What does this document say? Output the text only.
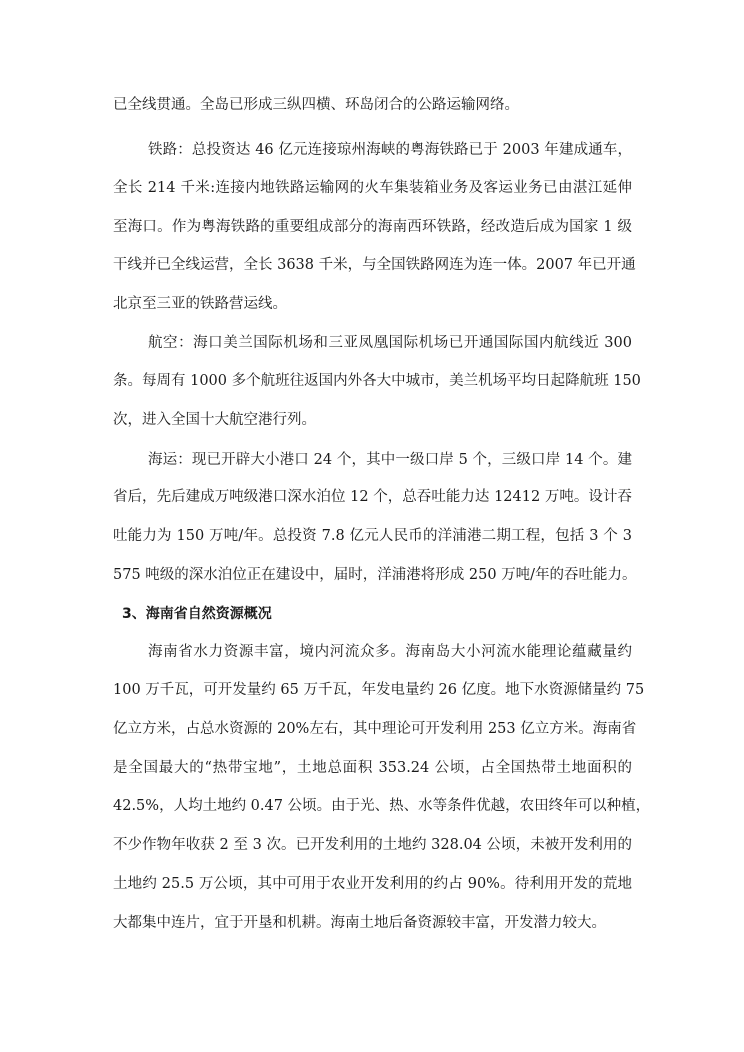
已全线贯通。全岛已形成三纵四横、环岛闭合的公路运输网络。
铁路：总投资达 46 亿元连接琼州海峡的粤海铁路已于 2003 年建成通车，
全长 214 千米:连接内地铁路运输网的火车集装箱业务及客运业务已由湛江延伸
至海口。作为粤海铁路的重要组成部分的海南西环铁路，经改造后成为国家 1 级
干线并已全线运营，全长 3638 千米，与全国铁路网连为连一体。2007 年已开通
北京至三亚的铁路营运线。
航空：海口美兰国际机场和三亚凤凰国际机场已开通国际国内航线近 300
条。每周有 1000 多个航班往返国内外各大中城市，美兰机场平均日起降航班 150
次，进入全国十大航空港行列。
海运：现已开辟大小港口 24 个，其中一级口岸 5 个，三级口岸 14 个。建
省后，先后建成万吨级港口深水泊位 12 个，总吞吐能力达 12412 万吨。设计吞
吐能力为 150 万吨/年。总投资 7.8 亿元人民币的洋浦港二期工程，包括 3 个 3
575 吨级的深水泊位正在建设中，届时，洋浦港将形成 250 万吨/年的吞吐能力。
3、海南省自然资源概况
海南省水力资源丰富，境内河流众多。海南岛大小河流水能理论蕴藏量约
100 万千瓦，可开发量约 65 万千瓦，年发电量约 26 亿度。地下水资源储量约 75
亿立方米，占总水资源的 20%左右，其中理论可开发利用 253 亿立方米。海南省
是全国最大的“热带宝地”，土地总面积 353.24 公顷，占全国热带土地面积的
42.5%，人均土地约 0.47 公顷。由于光、热、水等条件优越，农田终年可以种植，
不少作物年收获 2 至 3 次。已开发利用的土地约 328.04 公顷，未被开发利用的
土地约 25.5 万公顷，其中可用于农业开发利用的约占 90%。待利用开发的荒地
大都集中连片，宜于开垦和机耕。海南土地后备资源较丰富，开发潜力较大。
